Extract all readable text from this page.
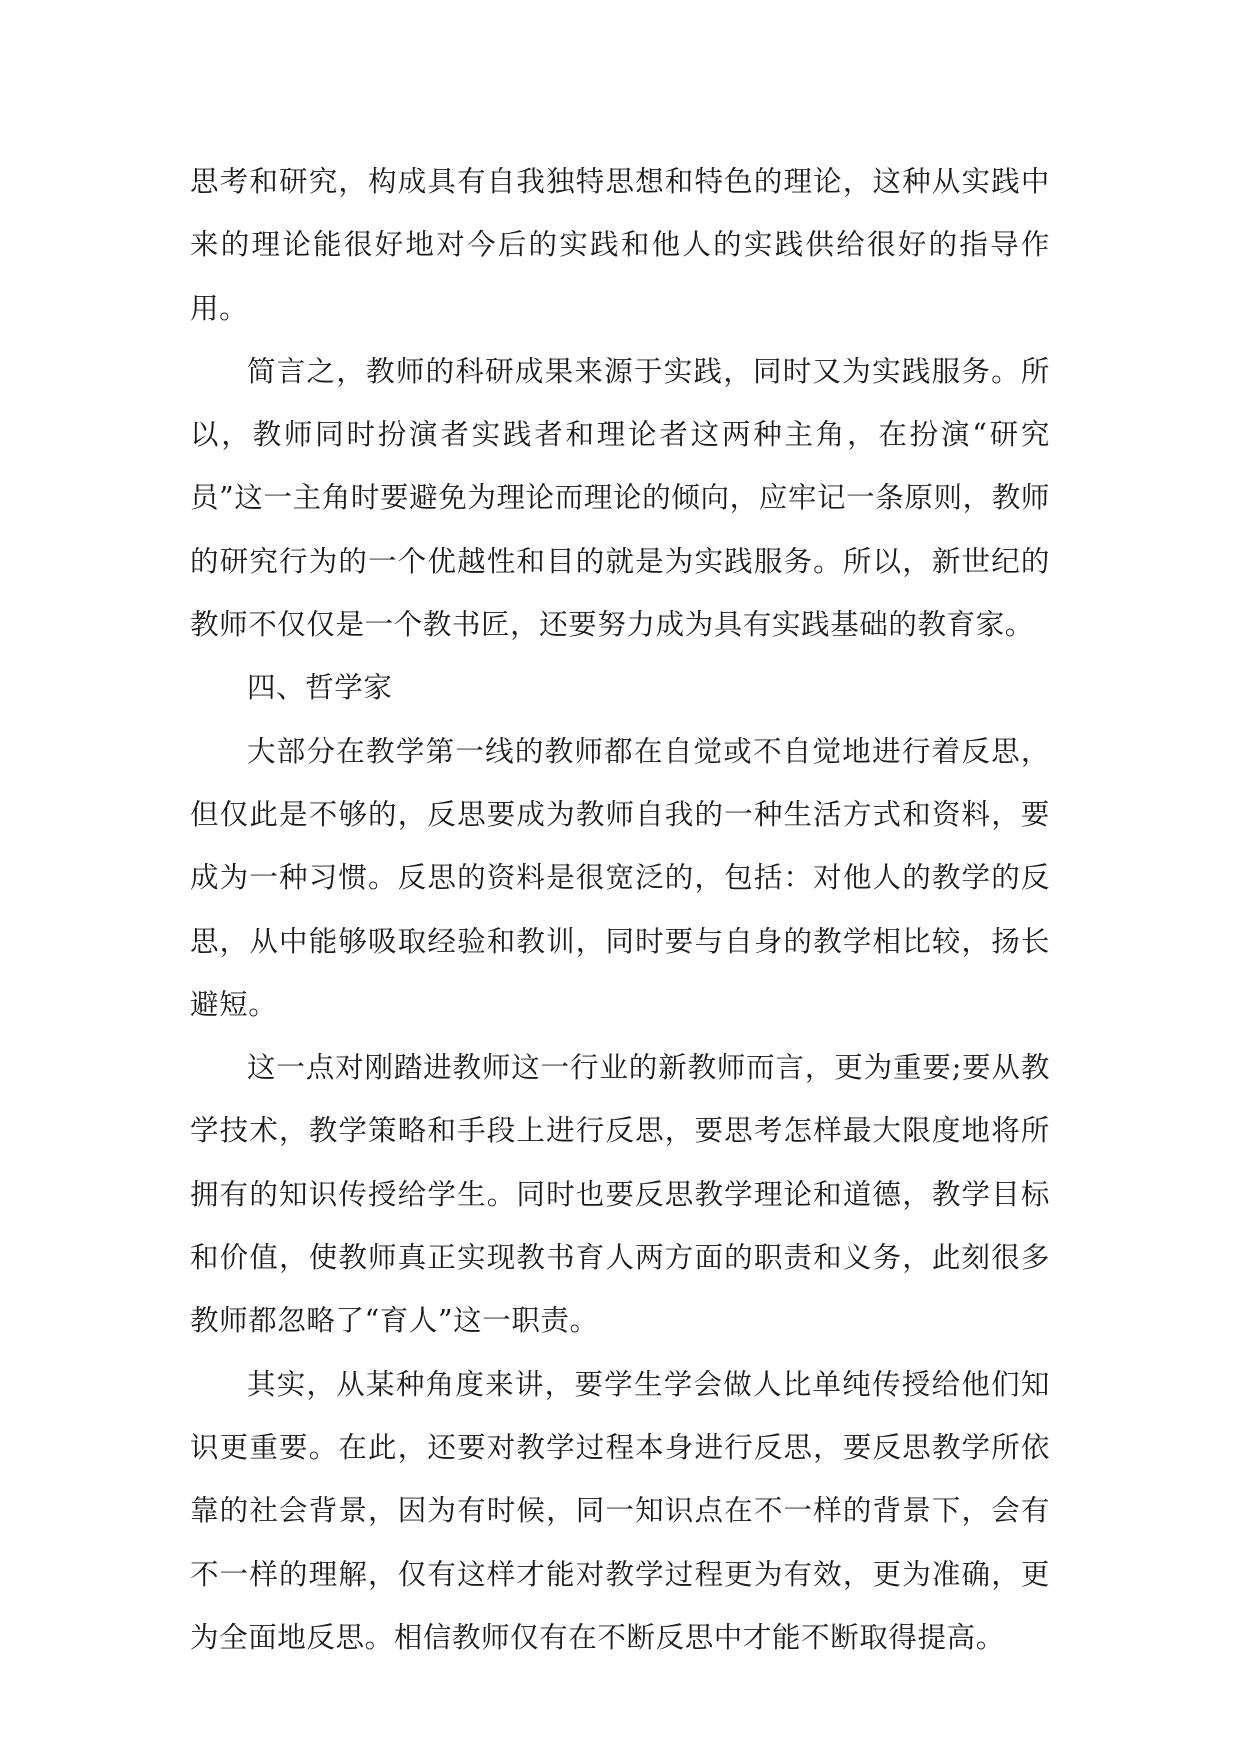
思考和研究，构成具有自我独特思想和特色的理论，这种从实践中来的理论能很好地对今后的实践和他人的实践供给很好的指导作用。

简言之，教师的科研成果来源于实践，同时又为实践服务。所以，教师同时扮演者实践者和理论者这两种主角，在扮演“研究员”这一主角时要避免为理论而理论的倾向，应牢记一条原则，教师的研究行为的一个优越性和目的就是为实践服务。所以，新世纪的教师不仅仅是一个教书匠，还要努力成为具有实践基础的教育家。

四、哲学家

大部分在教学第一线的教师都在自觉或不自觉地进行着反思，但仅此是不够的，反思要成为教师自我的一种生活方式和资料，要成为一种习惯。反思的资料是很宽泛的，包括：对他人的教学的反思，从中能够吸取经验和教训，同时要与自身的教学相比较，扬长避短。

这一点对刚踏进教师这一行业的新教师而言，更为重要;要从教学技术，教学策略和手段上进行反思，要思考怎样最大限度地将所拥有的知识传授给学生。同时也要反思教学理论和道德，教学目标和价值，使教师真正实现教书育人两方面的职责和义务，此刻很多教师都忽略了“育人”这一职责。

其实，从某种角度来讲，要学生学会做人比单纯传授给他们知识更重要。在此，还要对教学过程本身进行反思，要反思教学所依靠的社会背景，因为有时候，同一知识点在不一样的背景下，会有不一样的理解，仅有这样才能对教学过程更为有效，更为准确，更为全面地反思。相信教师仅有在不断反思中才能不断取得提高。
